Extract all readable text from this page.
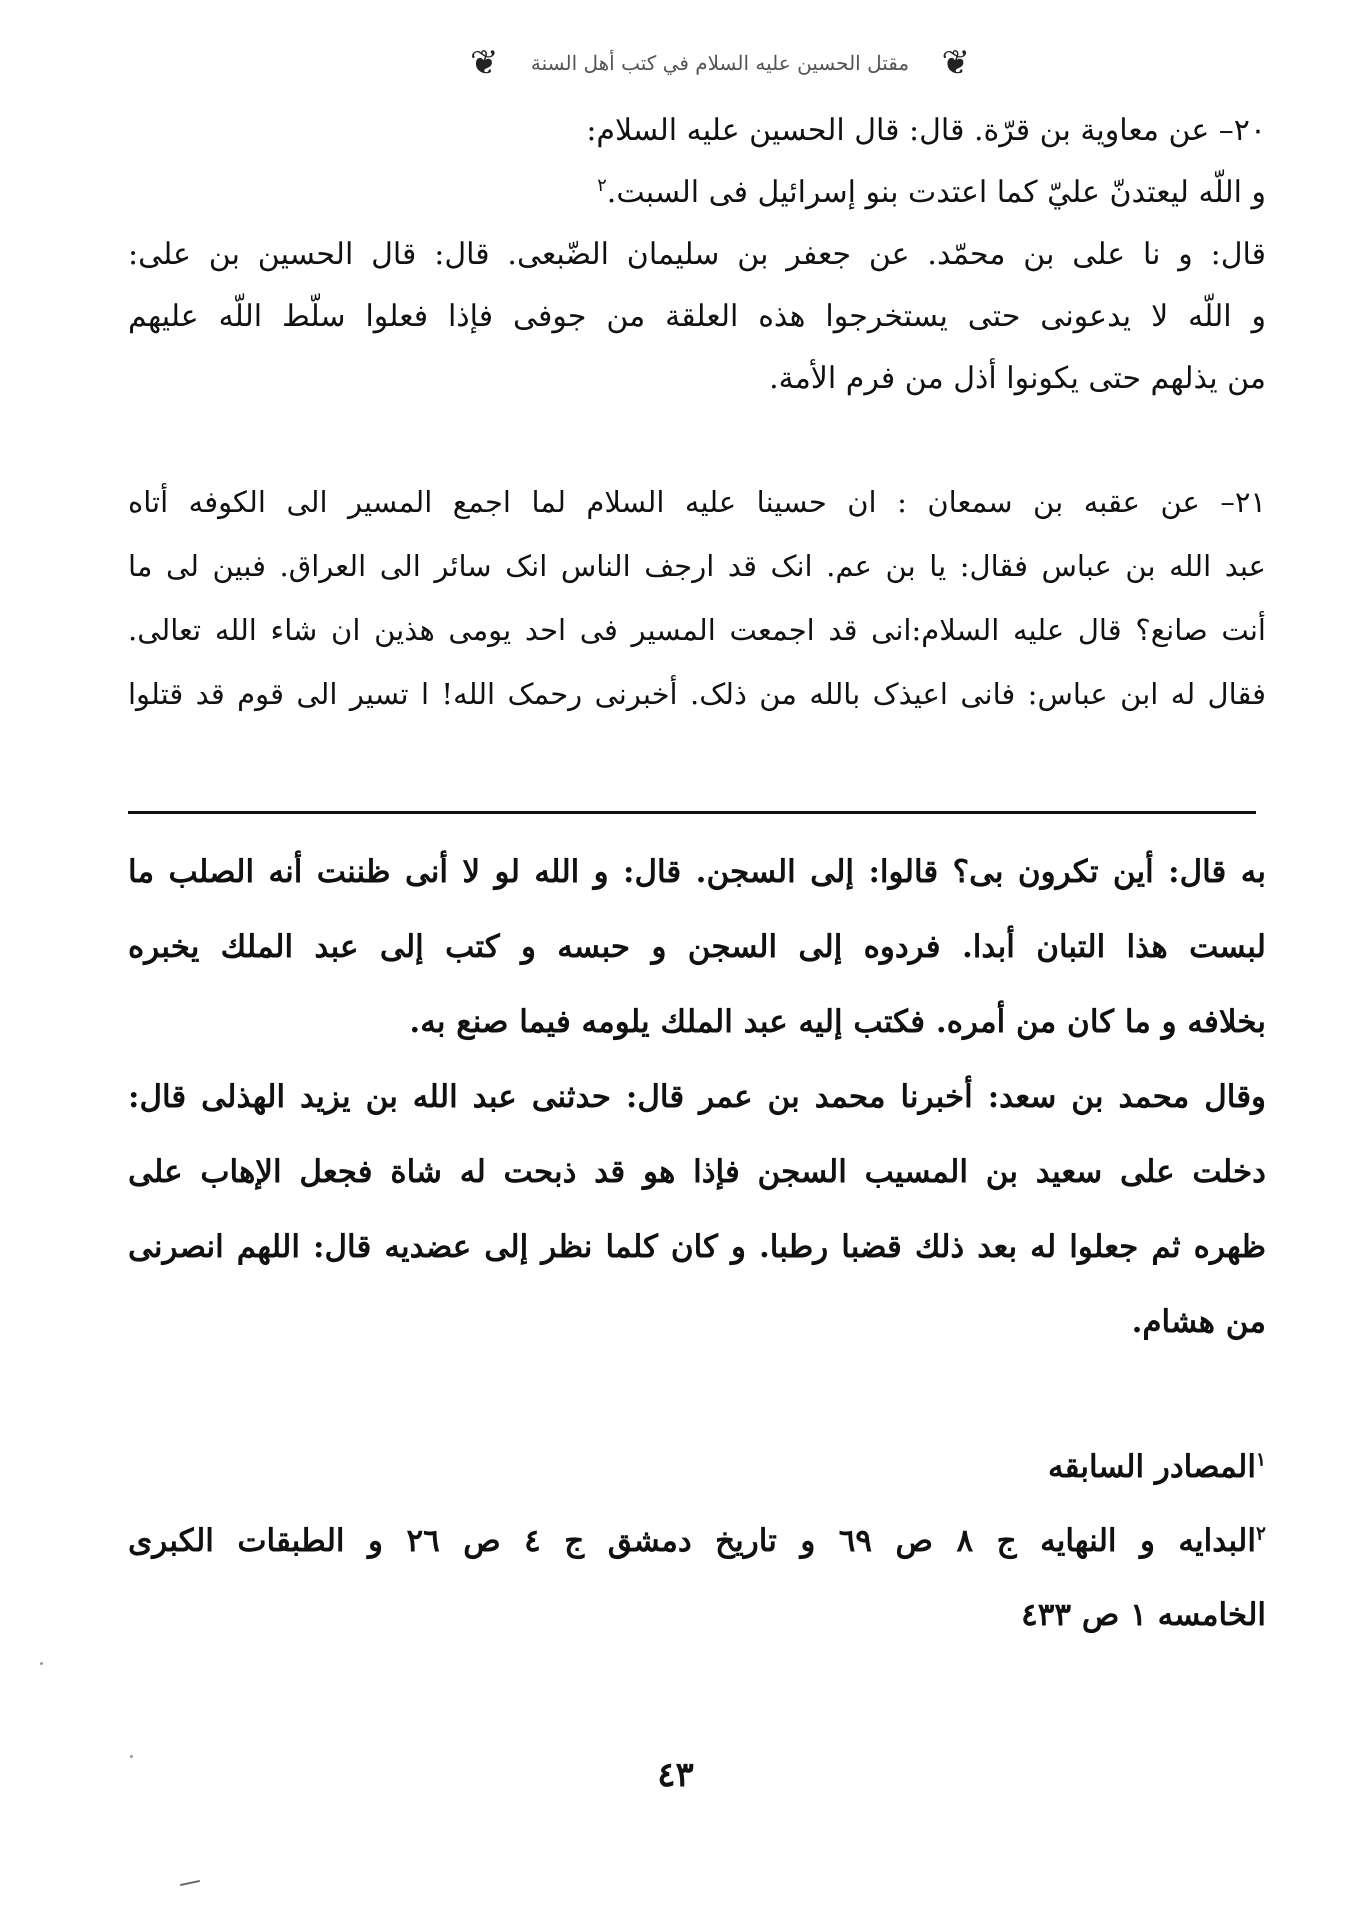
❦	مقتل الحسين عليه السلام في كتب أهل السنة ❦
٢٠– عن معاوية بن قرّة. قال: قال الحسين عليه السلام:
و اللّه ليعتدنّ عليّ كما اعتدت بنو إسرائيل فى السبت.$^٢$
قال: و نا على بن محمّد. عن جعفر بن سليمان الضّبعى. قال: قال الحسين بن على:
و اللّه لا يدعونى حتى يستخرجوا هذه العلقة من جوفى فإذا فعلوا سلّط اللّه عليهم
من يذلهم حتى يكونوا أذل من فرم الأمة.
٢١– عن عقبه بن سمعان : ان حسينا عليه السلام لما اجمع المسير الى الكوفه أتاه
عبد الله بن عباس فقال: يا بن عم. انک قد ارجف الناس انک سائر الى العراق. فبين لى ما
أنت صانع؟ قال عليه السلام:انى قد اجمعت المسير فى احد يومى هذين ان شاء الله تعالى.
فقال له ابن عباس: فانى اعيذک بالله من ذلک. أخبرنى رحمک الله! ا تسير الى قوم قد قتلوا
به قال: أين تكرون بى؟ قالوا: إلى السجن. قال: و الله لو لا أنى ظننت أنه الصلب ما
لبست هذا التبان أبدا. فردوه إلى السجن و حبسه و كتب إلى عبد الملك يخبره
بخلافه و ما كان من أمره. فكتب إليه عبد الملك يلومه فيما صنع به.
وقال محمد بن سعد: أخبرنا محمد بن عمر قال: حدثنى عبد الله بن يزيد الهذلى قال:
دخلت على سعيد بن المسيب السجن فإذا هو قد ذبحت له شاة فجعل الإهاب على
ظهره ثم جعلوا له بعد ذلك قضبا رطبا. و كان كلما نظر إلى عضديه قال: اللهم انصرنى
من هشام.
$^١$المصادر السابقه
$^٢$البدايه و النهايه ج ٨ ص ٦٩ و تاريخ دمشق ج ٤ ص ٢٦ و الطبقات الكبرى
الخامسه ١ ص ٤٣٣
٤٣
